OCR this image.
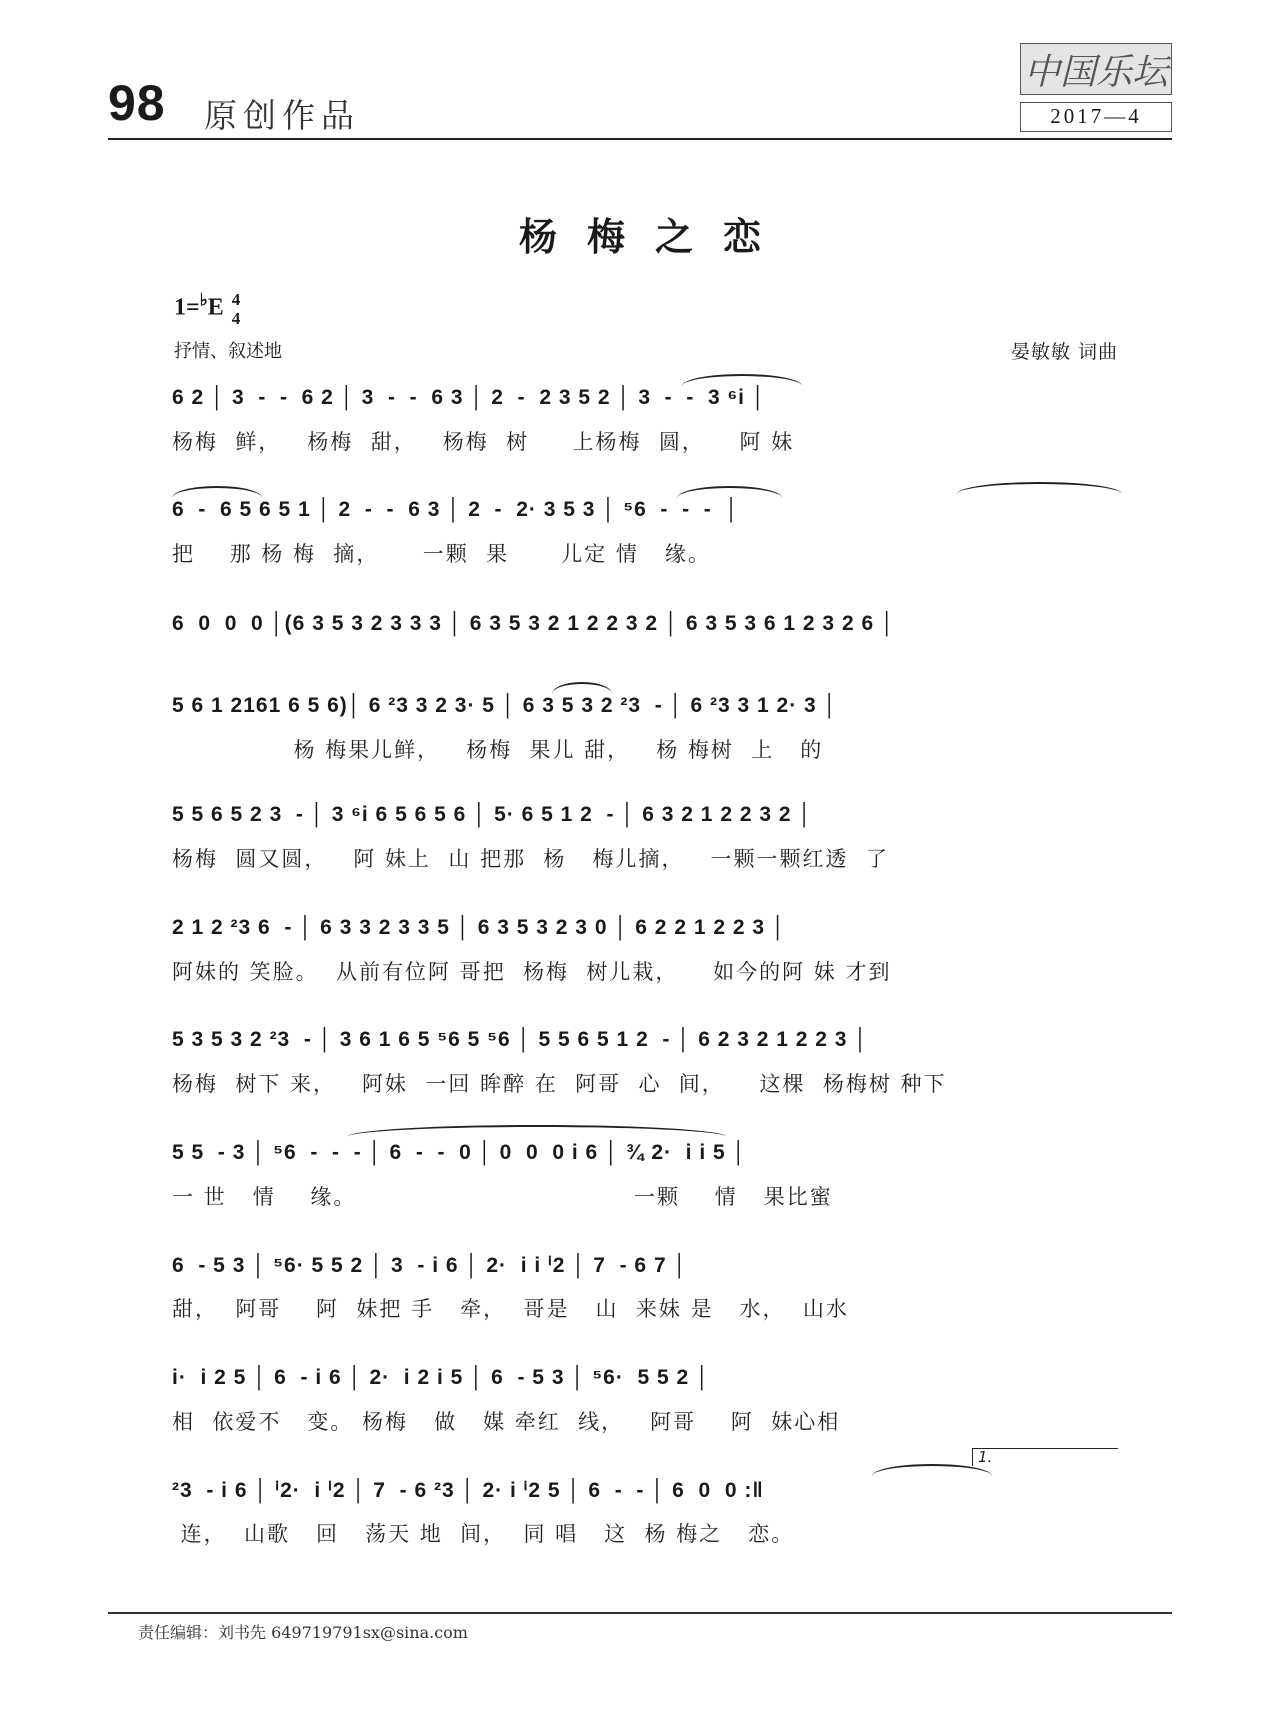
98 原创作品
中国乐坛
2017—4
杨梅之恋
1=♭E 4
4
抒情、叙述地	晏敏敏 词曲
6 2 │ 3  -  -  6 2 │ 3  -  -  6 3 │ 2  -  2 3 5 2 │ 3  -  -  3 ⁶i │
杨梅  鲜，   杨梅  甜，   杨梅  树     上杨梅  圆，    阿 妹
6  -  6 5 6 5 1 │ 2  -  -  6 3 │ 2  -  2· 3 5 3 │ ⁵6  -  -  -  │
把    那 杨 梅  摘，     一颗  果      儿定 情   缘。
6  0  0  0 │(6 3 5 3 2 3 3 3 │ 6 3 5 3 2 1 2 2 3 2 │ 6 3 5 3 6 1 2 3 2 6 │
5 6 1 2161 6 5 6)│ 6 ²3 3 2 3· 5 │ 6 3 5 3 2 ²3  - │ 6 ²3 3 1 2· 3 │
杨 梅果儿鲜，   杨梅  果儿 甜，   杨 梅树  上   的
5 5 6 5 2 3  - │ 3 ⁶i 6 5 6 5 6 │ 5· 6 5 1 2  - │ 6 3 2 1 2 2 3 2 │
杨梅  圆又圆，   阿 妹上  山 把那  杨   梅儿摘，   一颗一颗红透  了
2 1 2 ²3 6  - │ 6 3 3 2 3 3 5 │ 6 3 5 3 2 3 0 │ 6 2 2 1 2 2 3 │
阿妹的 笑脸。  从前有位阿 哥把  杨梅  树儿栽，    如今的阿 妹 才到
5 3 5 3 2 ²3  - │ 3 6 1 6 5 ⁵6 5 ⁵6 │ 5 5 6 5 1 2  - │ 6 2 3 2 1 2 2 3 │
杨梅  树下 来，   阿妹  一回 眸醉 在  阿哥  心  间，    这棵  杨梅树 种下
5 5  - 3 │ ⁵6  -  -  - │ 6  -  -  0 │ 0  0  0 i 6 │ ¾ 2·  i i 5 │
一 世   情    缘。                                一颗    情   果比蜜
6  - 5 3 │ ⁵6· 5 5 2 │ 3  - i 6 │ 2·  i i ⁱ2 │ 7  - 6 7 │
甜，  阿哥    阿  妹把 手   牵，  哥是   山  来妹 是   水，  山水
i·  i 2 5 │ 6  - i 6 │ 2·  i 2 i 5 │ 6  - 5 3 │ ⁵6·  5 5 2 │
相  依爱不   变。 杨梅   做   媒 牵红  线，   阿哥    阿  妹心相
²3  - i 6 │ ⁱ2·  i ⁱ2 │ 7  - 6 ²3 │ 2· i ⁱ2 5 │ 6  -  - │ 6  0  0 :‖
连，  山歌   回   荡天 地  间，  同 唱   这  杨 梅之   恋。
1.
责任编辑：刘书先 649719791sx@sina.com
